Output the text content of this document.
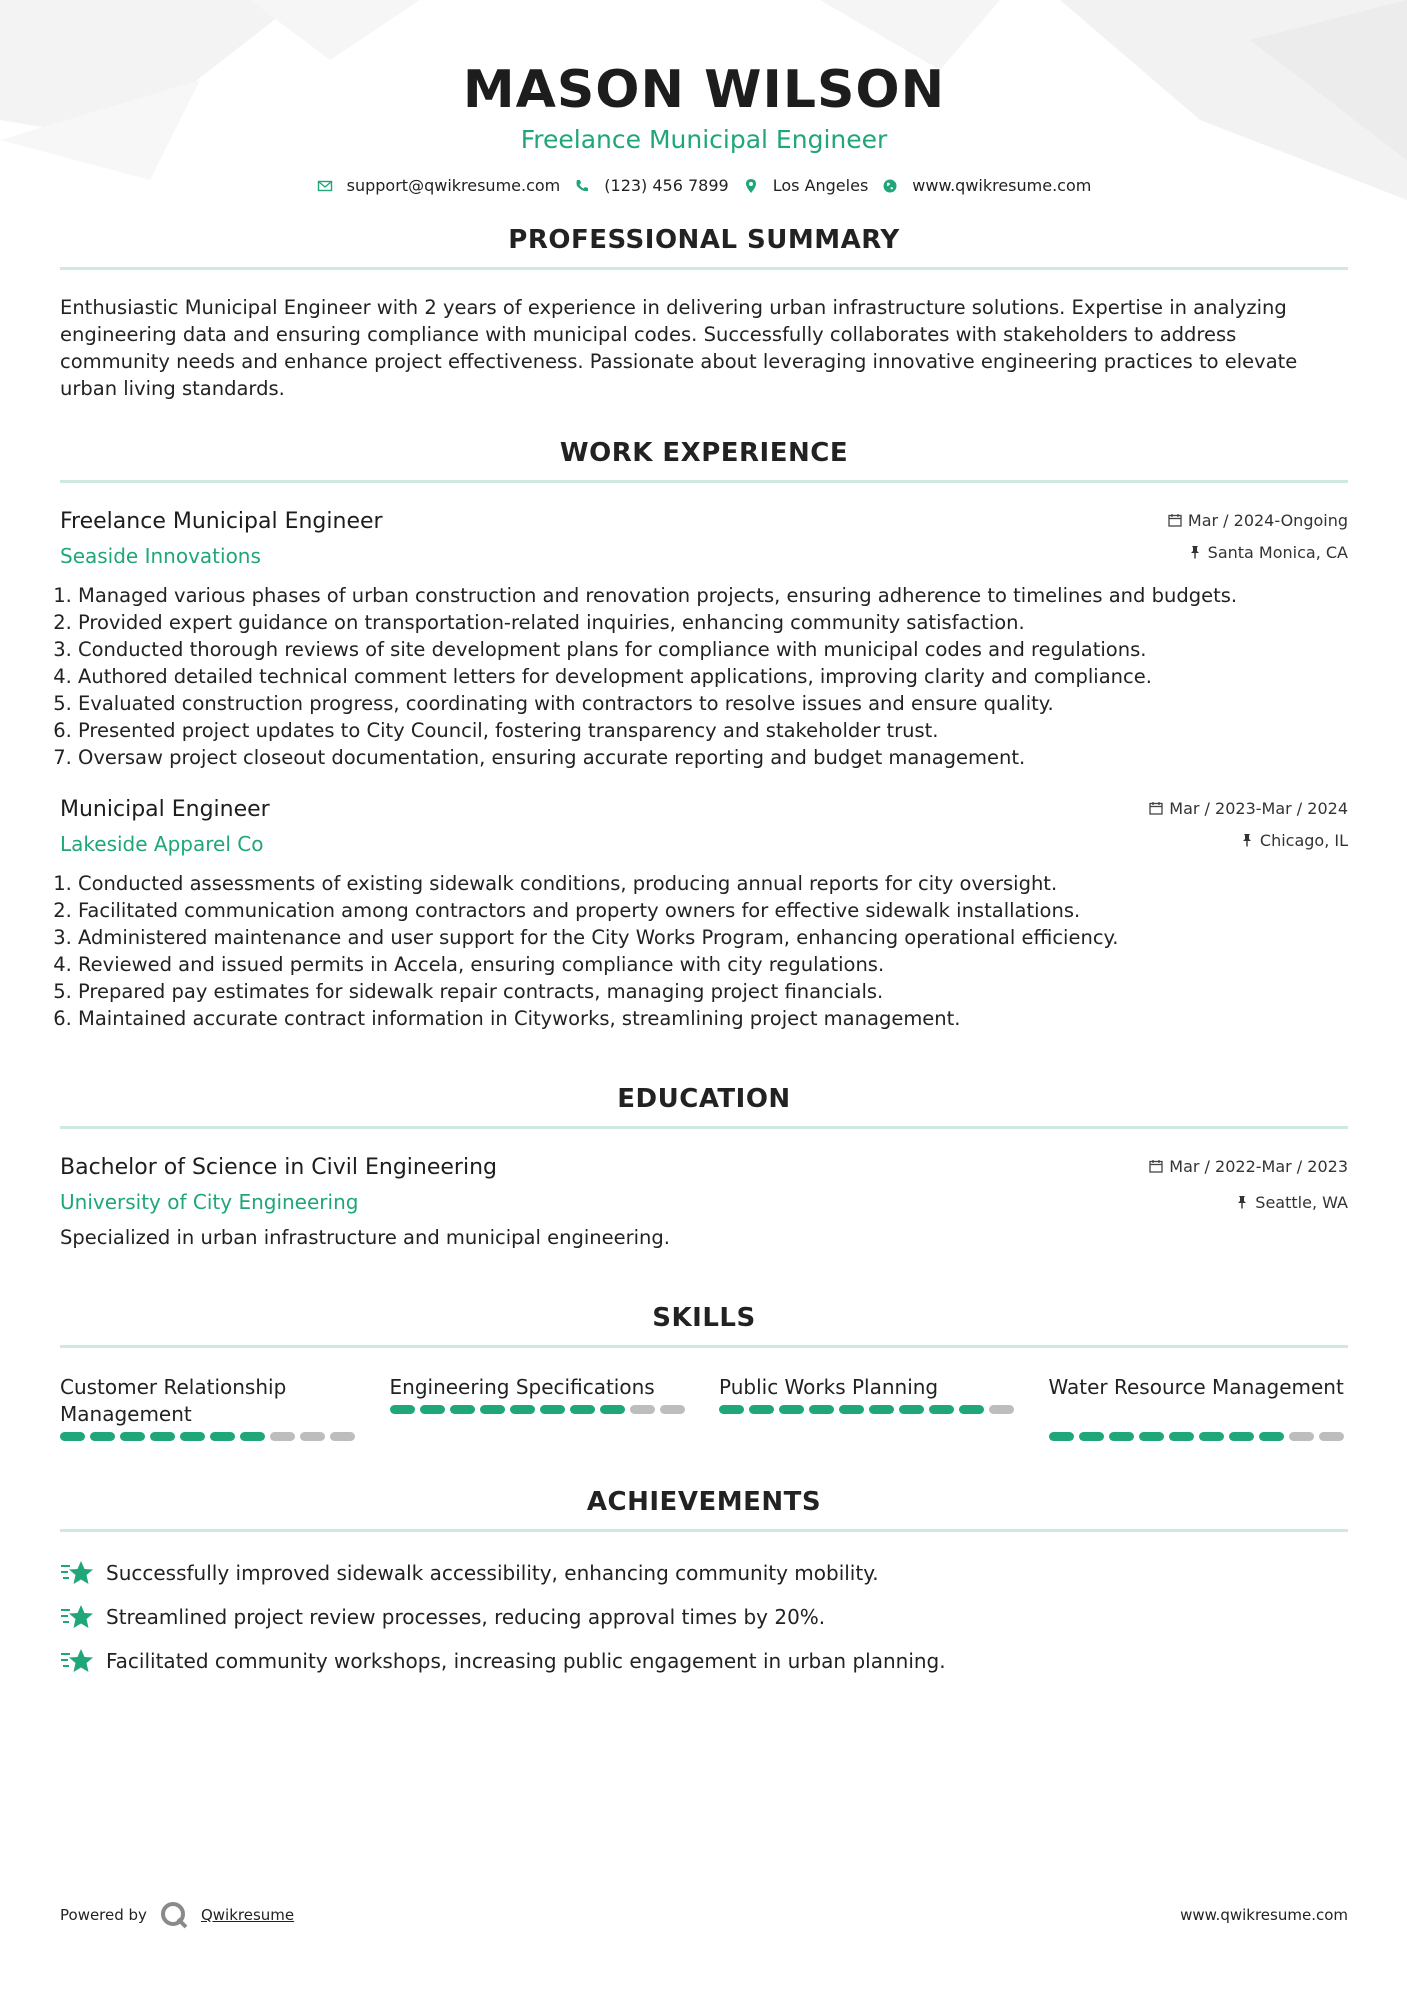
MASON WILSON
Freelance Municipal Engineer
support@qwikresume.com	(123) 456 7899	Los Angeles	www.qwikresume.com
PROFESSIONAL SUMMARY
Enthusiastic Municipal Engineer with 2 years of experience in delivering urban infrastructure solutions. Expertise in analyzing engineering data and ensuring compliance with municipal codes. Successfully collaborates with stakeholders to address community needs and enhance project effectiveness. Passionate about leveraging innovative engineering practices to elevate urban living standards.
WORK EXPERIENCE
Freelance Municipal Engineer
Seaside Innovations
Mar / 2024-Ongoing
Santa Monica, CA
1. Managed various phases of urban construction and renovation projects, ensuring adherence to timelines and budgets.
2. Provided expert guidance on transportation-related inquiries, enhancing community satisfaction.
3. Conducted thorough reviews of site development plans for compliance with municipal codes and regulations.
4. Authored detailed technical comment letters for development applications, improving clarity and compliance.
5. Evaluated construction progress, coordinating with contractors to resolve issues and ensure quality.
6. Presented project updates to City Council, fostering transparency and stakeholder trust.
7. Oversaw project closeout documentation, ensuring accurate reporting and budget management.
Municipal Engineer
Lakeside Apparel Co
Mar / 2023-Mar / 2024
Chicago, IL
1. Conducted assessments of existing sidewalk conditions, producing annual reports for city oversight.
2. Facilitated communication among contractors and property owners for effective sidewalk installations.
3. Administered maintenance and user support for the City Works Program, enhancing operational efficiency.
4. Reviewed and issued permits in Accela, ensuring compliance with city regulations.
5. Prepared pay estimates for sidewalk repair contracts, managing project financials.
6. Maintained accurate contract information in Cityworks, streamlining project management.
EDUCATION
Bachelor of Science in Civil Engineering
University of City Engineering
Mar / 2022-Mar / 2023
Seattle, WA
Specialized in urban infrastructure and municipal engineering.
SKILLS
Customer Relationship Management
Engineering Specifications	Public Works Planning	Water Resource Management
ACHIEVEMENTS
Successfully improved sidewalk accessibility, enhancing community mobility.
Streamlined project review processes, reducing approval times by 20%.
Facilitated community workshops, increasing public engagement in urban planning.
Powered by	Qwikresume	www.qwikresume.com
